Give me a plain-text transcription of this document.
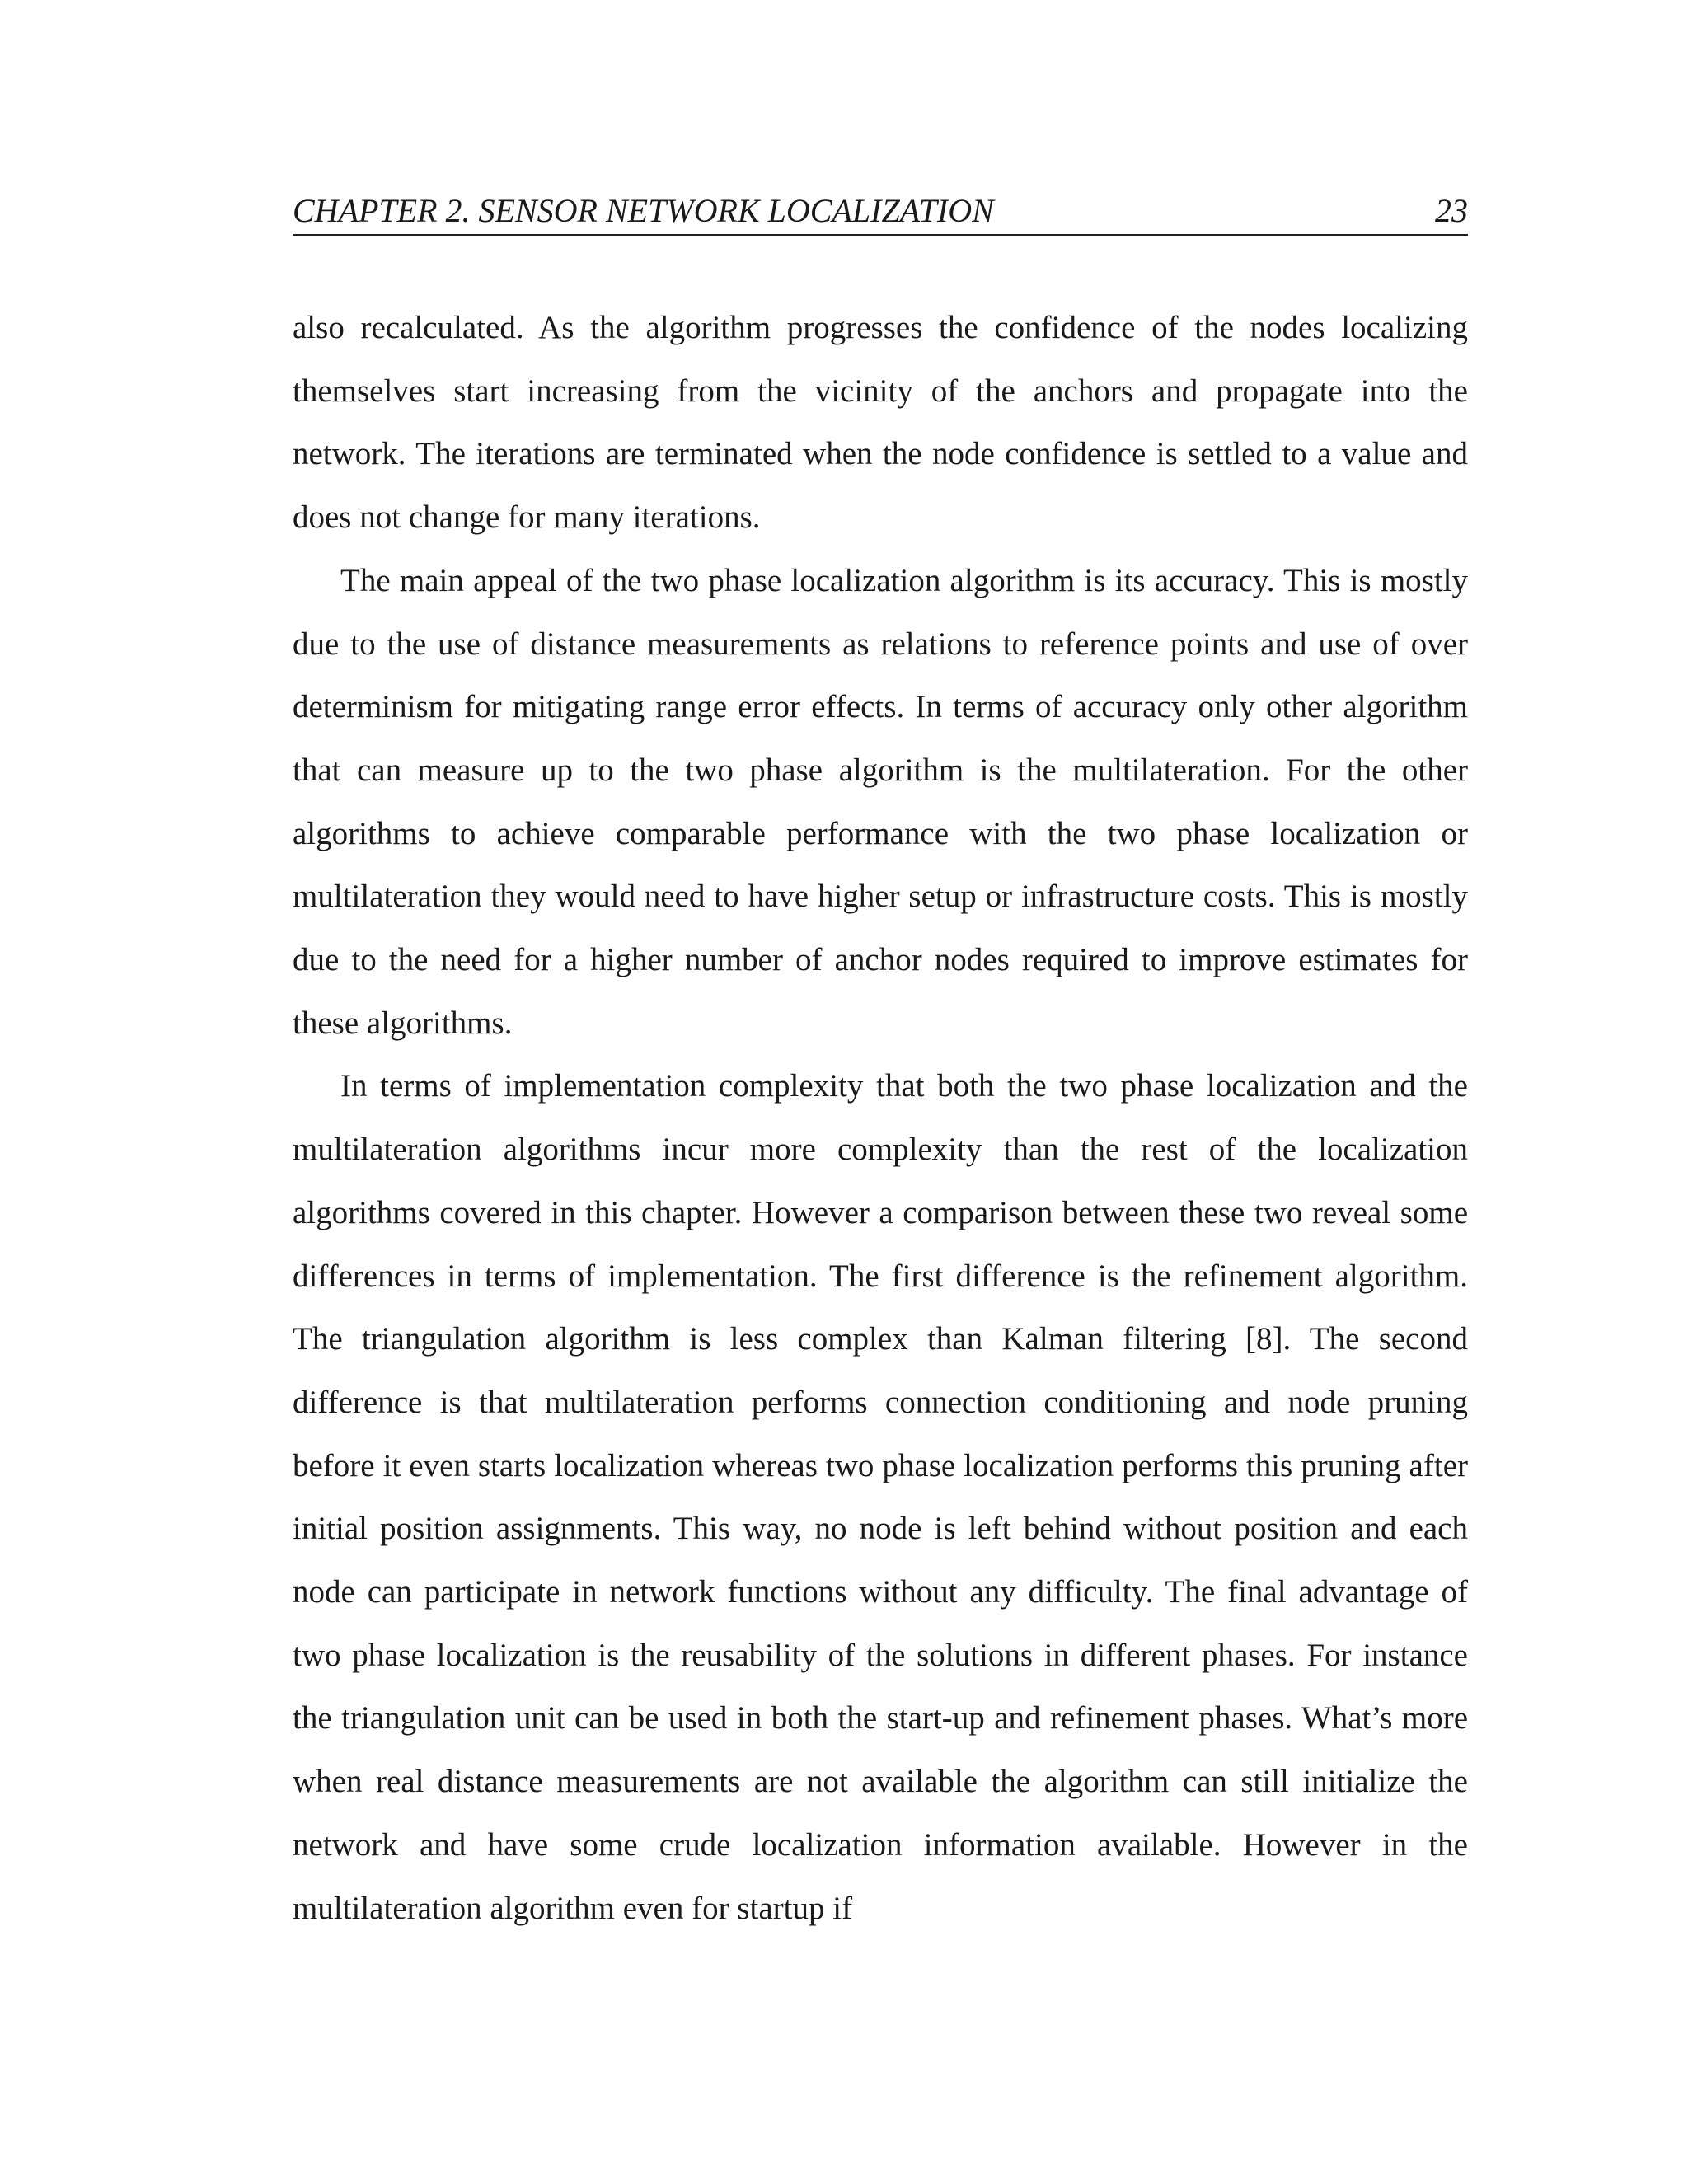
CHAPTER 2. SENSOR NETWORK LOCALIZATION	23

also recalculated. As the algorithm progresses the confidence of the nodes localizing themselves start increasing from the vicinity of the anchors and propagate into the network. The iterations are terminated when the node confidence is settled to a value and does not change for many iterations.

The main appeal of the two phase localization algorithm is its accuracy. This is mostly due to the use of distance measurements as relations to reference points and use of over determinism for mitigating range error effects. In terms of accuracy only other algorithm that can measure up to the two phase algorithm is the multilateration. For the other algorithms to achieve comparable performance with the two phase localization or multilateration they would need to have higher setup or infrastructure costs. This is mostly due to the need for a higher number of anchor nodes required to improve estimates for these algorithms.

In terms of implementation complexity that both the two phase localization and the multilateration algorithms incur more complexity than the rest of the localization algorithms covered in this chapter. However a comparison between these two reveal some differences in terms of implementation. The first difference is the refinement algorithm. The triangulation algorithm is less complex than Kalman filtering [8]. The second difference is that multilateration performs connection conditioning and node pruning before it even starts localization whereas two phase localization performs this pruning after initial position assignments. This way, no node is left behind without position and each node can participate in network functions without any difficulty. The final advantage of two phase localization is the reusability of the solutions in different phases. For instance the triangulation unit can be used in both the start-up and refinement phases. What’s more when real distance measurements are not available the algorithm can still initialize the network and have some crude localization information available. However in the multilateration algorithm even for startup if
